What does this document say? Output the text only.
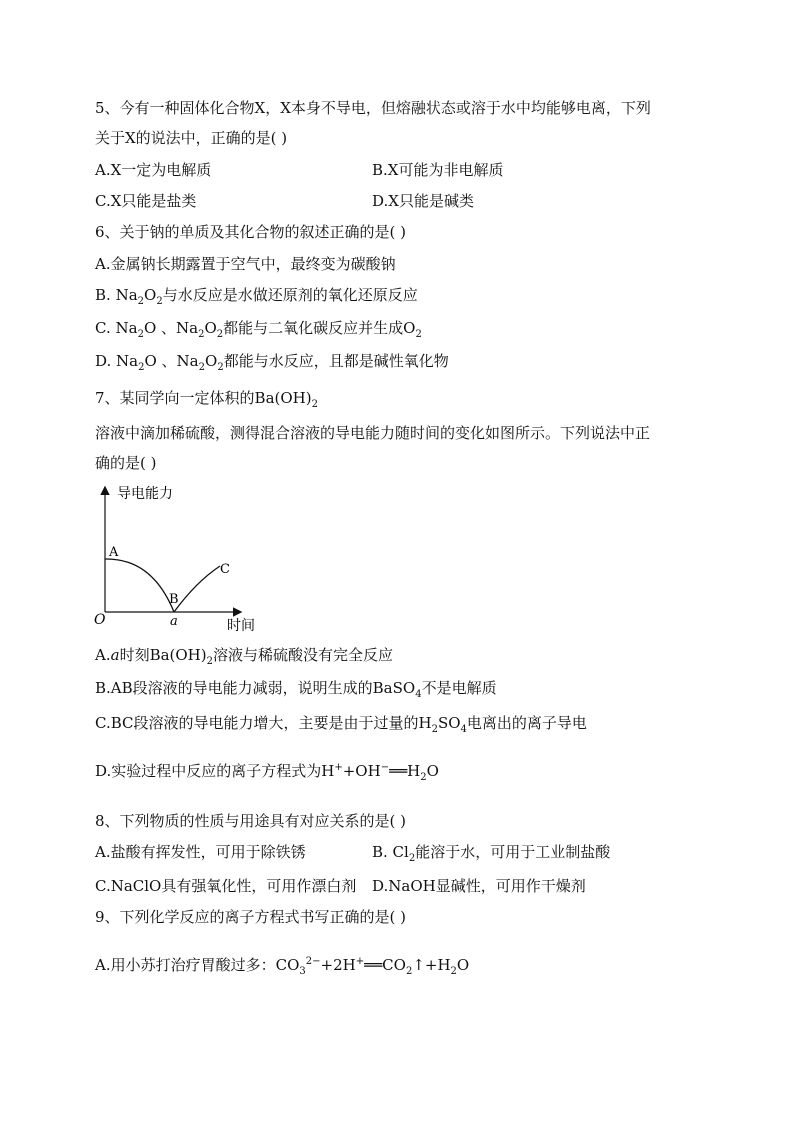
5、今有一种固体化合物X，X本身不导电，但熔融状态或溶于水中均能够电离，下列
关于X的说法中，正确的是( )
A.X一定为电解质	B.X可能为非电解质
C.X只能是盐类	D.X只能是碱类
6、关于钠的单质及其化合物的叙述正确的是( )
A.金属钠长期露置于空气中，最终变为碳酸钠
B. $Na_2O_2$与水反应是水做还原剂的氧化还原反应
C. $Na_2O$ 、$Na_2O_2$都能与二氧化碳反应并生成$O_2$
D. $Na_2O$ 、$Na_2O_2$都能与水反应，且都是碱性氧化物
7、某同学向一定体积的$Ba(OH)_2$
溶液中滴加稀硫酸，测得混合溶液的导电能力随时间的变化如图所示。下列说法中正
确的是( )
导电能力
时间
O
A
B
C
a
A.a时刻$Ba(OH)_2$溶液与稀硫酸没有完全反应
B.AB段溶液的导电能力减弱，说明生成的BaSO$_4$不是电解质
C.BC段溶液的导电能力增大，主要是由于过量的$H_2SO_4$电离出的离子导电
D.实验过程中反应的离子方程式为$H^++OH^-══H_2O$
8、下列物质的性质与用途具有对应关系的是( )
A.盐酸有挥发性，可用于除铁锈	B. $Cl_2$能溶于水，可用于工业制盐酸
C.NaClO具有强氧化性，可用作漂白剂 D.NaOH显碱性，可用作干燥剂
9、下列化学反应的离子方程式书写正确的是( )
A.用小苏打治疗胃酸过多：$CO_3^{2-}+2H^+══CO_2↑+H_2O$
